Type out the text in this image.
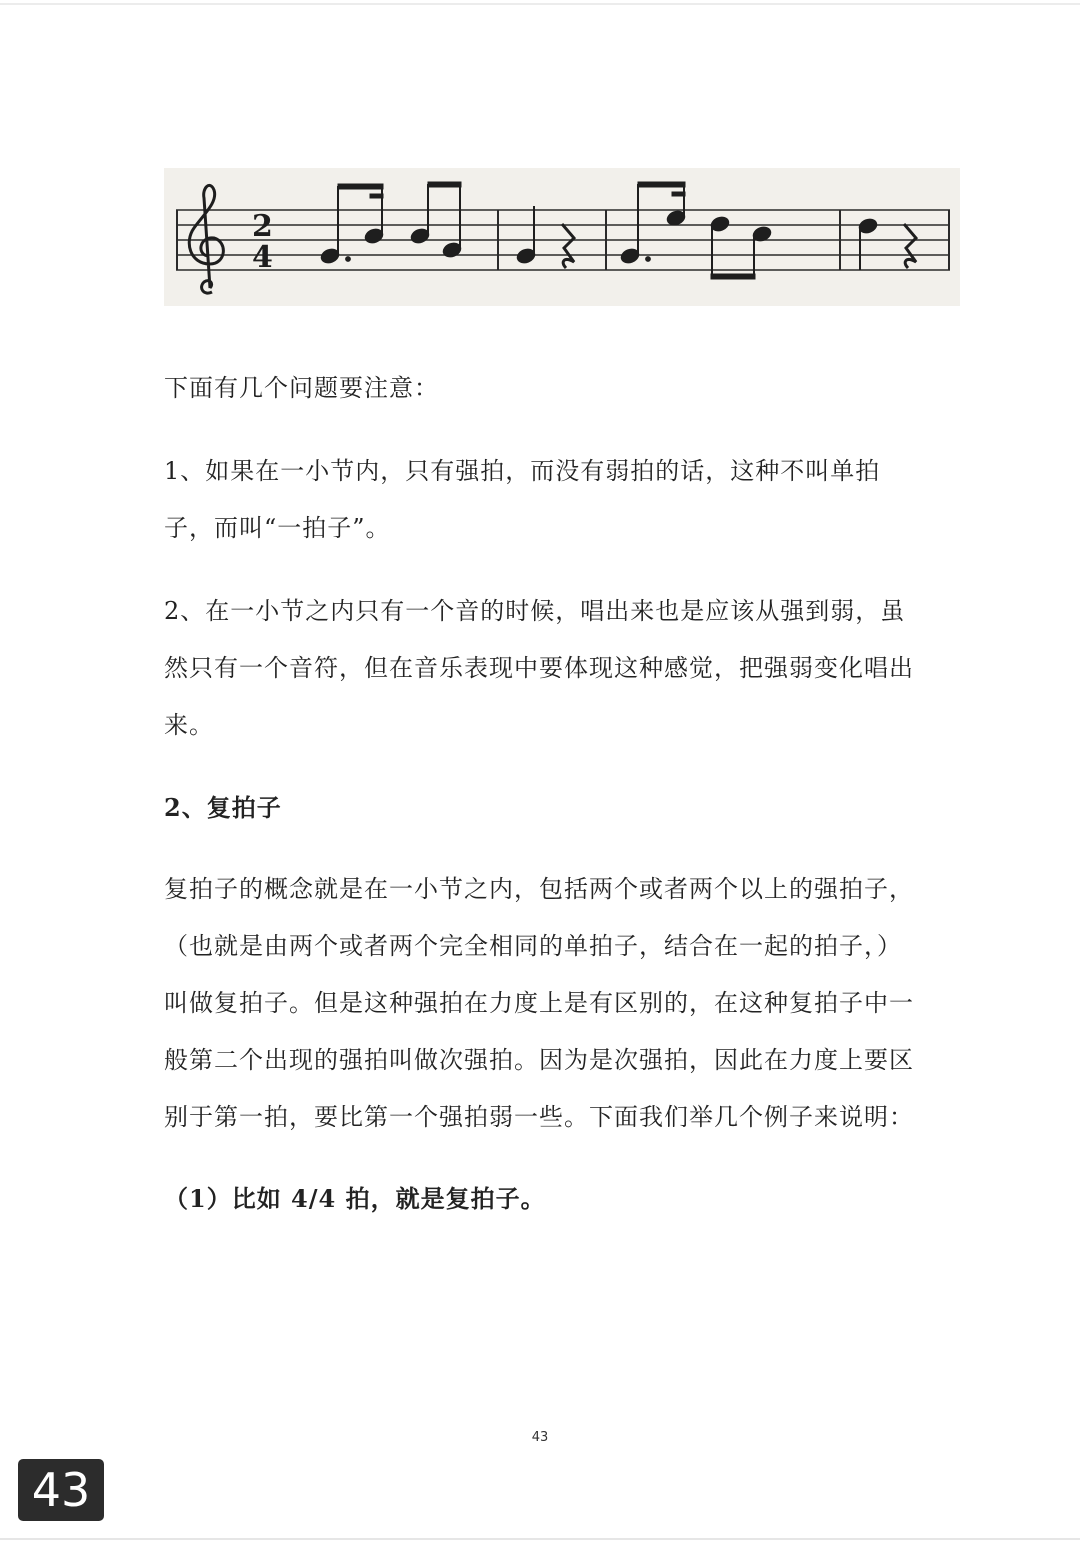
2
4

下面有几个问题要注意：

1、如果在一小节内，只有强拍，而没有弱拍的话，这种不叫单拍子，而叫“一拍子”。

2、在一小节之内只有一个音的时候，唱出来也是应该从强到弱，虽然只有一个音符，但在音乐表现中要体现这种感觉，把强弱变化唱出来。

2、复拍子

复拍子的概念就是在一小节之内，包括两个或者两个以上的强拍子，（也就是由两个或者两个完全相同的单拍子，结合在一起的拍子，）叫做复拍子。但是这种强拍在力度上是有区别的，在这种复拍子中一般第二个出现的强拍叫做次强拍。因为是次强拍，因此在力度上要区别于第一拍，要比第一个强拍弱一些。下面我们举几个例子来说明：

（1）比如 4/4 拍，就是复拍子。

43
43
